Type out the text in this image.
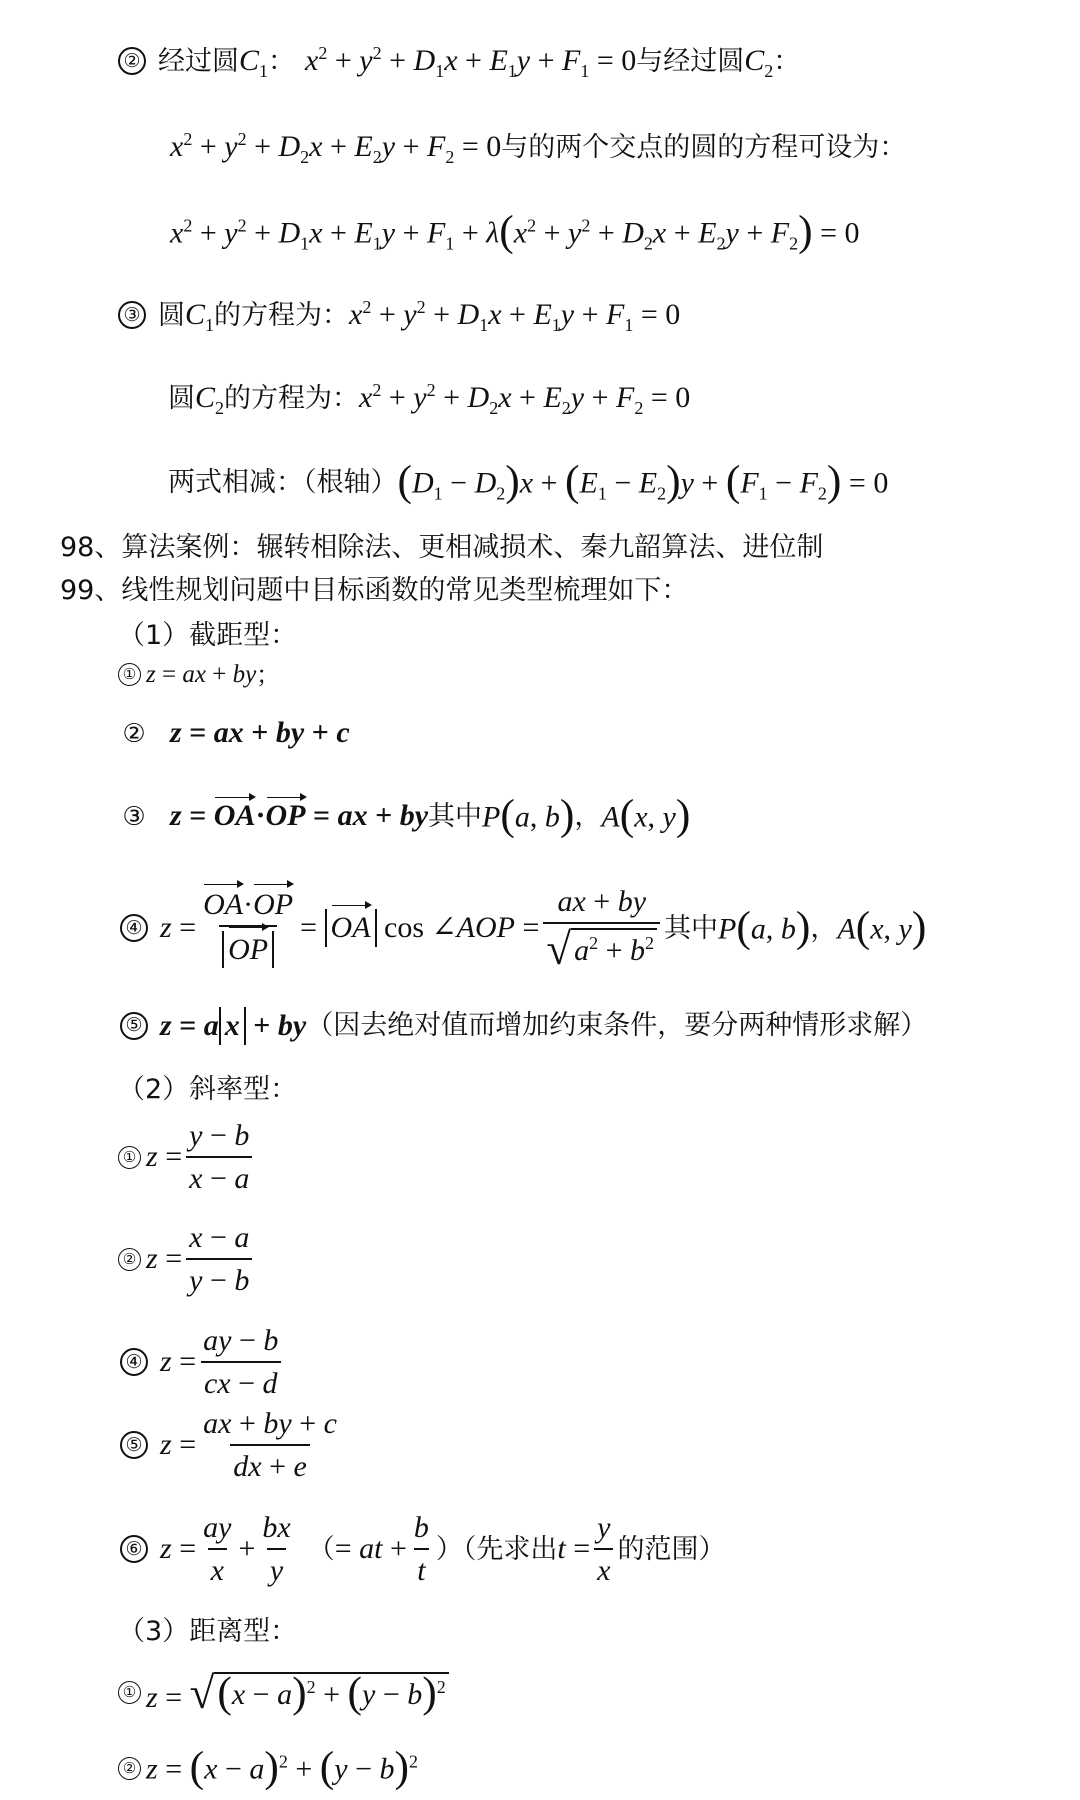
② 经过圆 $C_1$ ： $x^2 + y^2 + D_1x + E_1y + F_1 = 0$ 与经过圆 $C_2$ ：
$x^2 + y^2 + D_2x + E_2y + F_2 = 0$ 与的两个交点的圆的方程可设为：
$x^2 + y^2 + D_1x + E_1y + F_1 + \lambda(x^2 + y^2 + D_2x + E_2y + F_2) = 0$
③ 圆 $C_1$ 的方程为： $x^2 + y^2 + D_1x + E_1y + F_1 = 0$
圆 $C_2$ 的方程为： $x^2 + y^2 + D_2x + E_2y + F_2 = 0$
两式相减：（根轴） $(D_1 - D_2)x + (E_1 - E_2)y + (F_1 - F_2) = 0$
98、算法案例：辗转相除法、更相减损术、秦九韶算法、进位制
99、线性规划问题中目标函数的常见类型梳理如下：
（1）截距型：
① z = ax + by ；
② z = ax + by + c
③ z = OA·OP = ax + by 其中 P(a, b) ， A(x, y)
④ $z = \frac{OA\cdot OP}{OP}$ = OA cos ∠ AOP = $\frac{ax + by}{√ a^2 + b^2}$ 其中 P(a, b) ， A(x, y)
⑤ z = a x + by （因去绝对值而增加约束条件，要分两种情形求解）
（2）斜率型：
① $z = \frac{y - b}{x - a}$
② $z = \frac{x - a}{y - b}$
④ $z = \frac{ay - b}{cx - d}$
⑤ $z = \frac{ax + by + c}{dx + e}$
⑥ $z = \frac{ay}{x} + \frac{bx}{y}$ （ = at + $\frac{b}{t}$ ）（先求出 $t = \frac{y}{x}$ 的范围）
（3）距离型：
① z = √ $(x - a)^2 + (y - b)^2$
② $z = (x - a)^2 + (y - b)^2$
